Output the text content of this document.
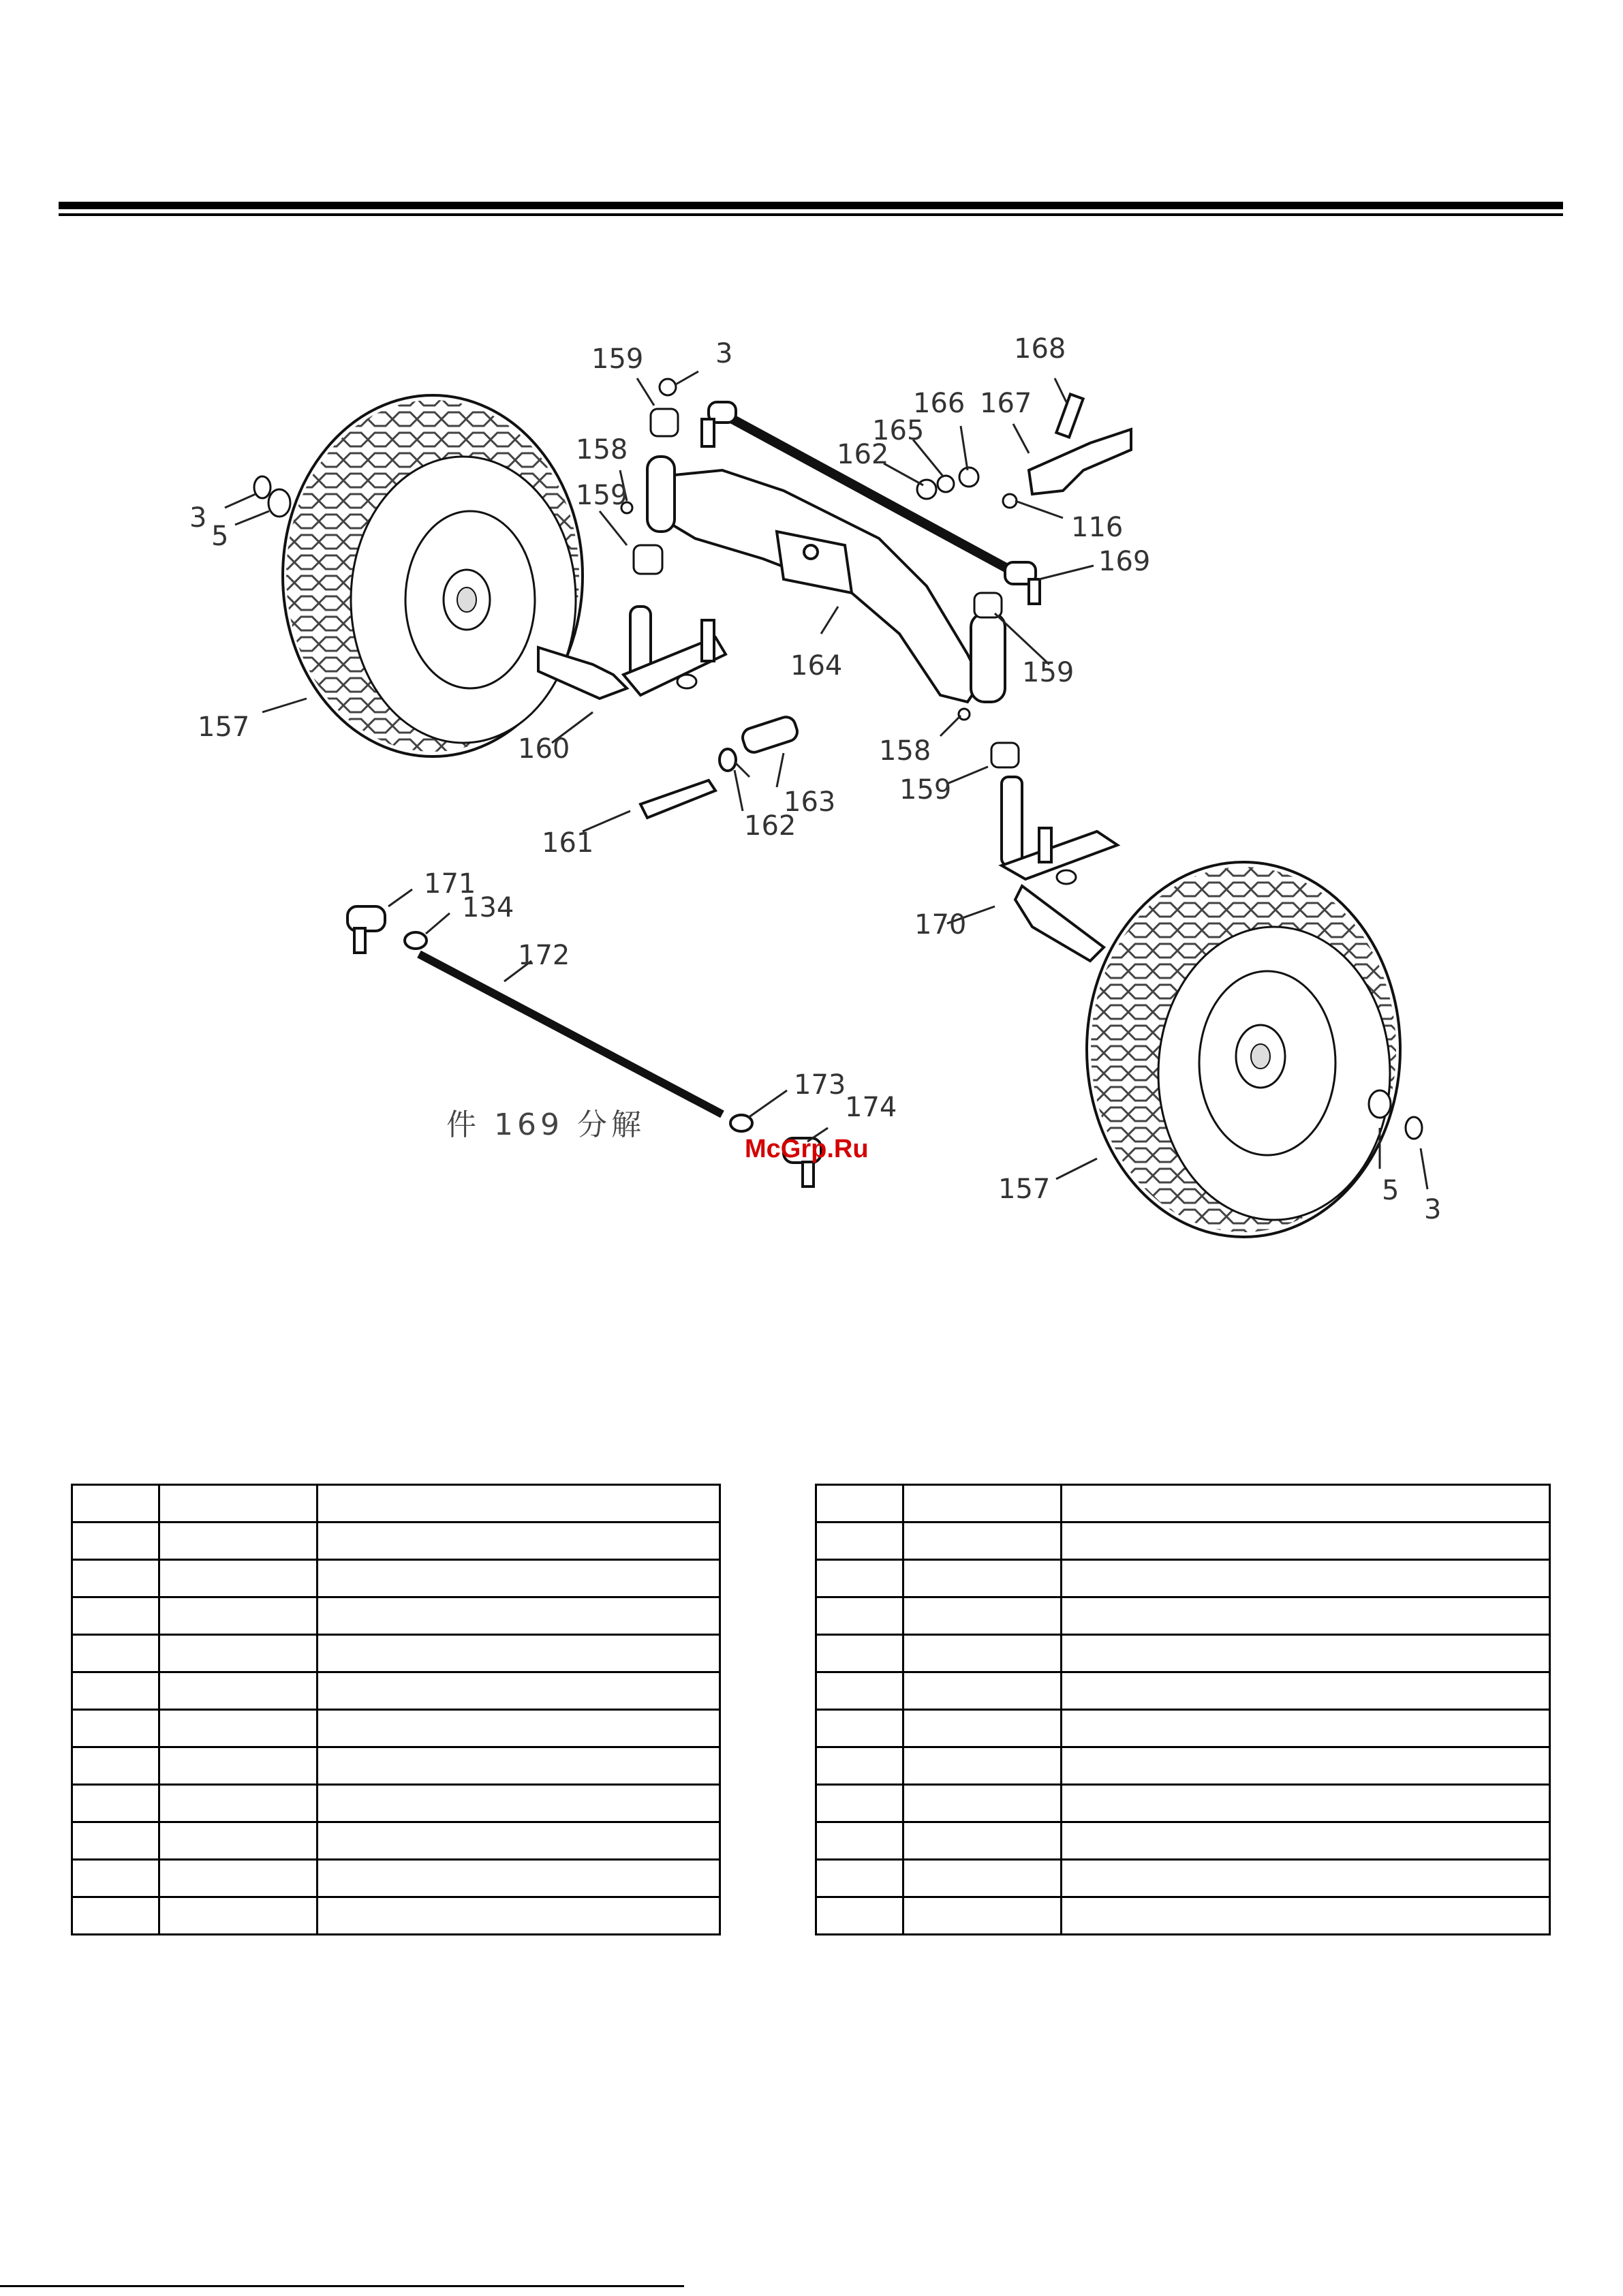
159	3	168
166 167
165
162
158
159
116
169
3
5
164	159
157
160	158
163 159
161
162
171
134
172
170
173
174
157	5
3
件 169 分解
McGrp.Ru
